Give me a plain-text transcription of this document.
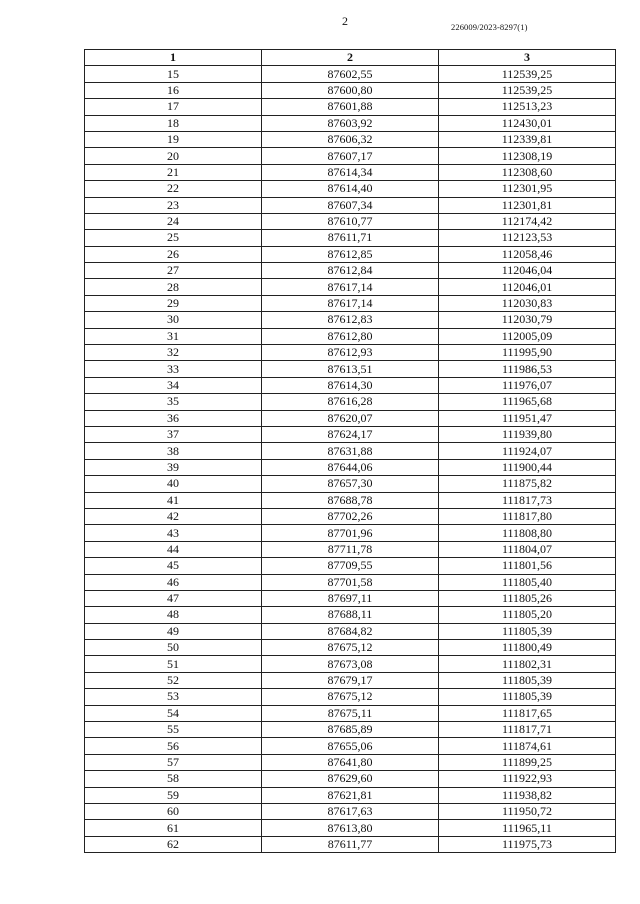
2	226009/2023-8297(1)
1	2	3
15	87602,55	112539,25
16	87600,80	112539,25
17	87601,88	112513,23
18	87603,92	112430,01
19	87606,32	112339,81
20	87607,17	112308,19
21	87614,34	112308,60
22	87614,40	112301,95
23	87607,34	112301,81
24	87610,77	112174,42
25	87611,71	112123,53
26	87612,85	112058,46
27	87612,84	112046,04
28	87617,14	112046,01
29	87617,14	112030,83
30	87612,83	112030,79
31	87612,80	112005,09
32	87612,93	111995,90
33	87613,51	111986,53
34	87614,30	111976,07
35	87616,28	111965,68
36	87620,07	111951,47
37	87624,17	111939,80
38	87631,88	111924,07
39	87644,06	111900,44
40	87657,30	111875,82
41	87688,78	111817,73
42	87702,26	111817,80
43	87701,96	111808,80
44	87711,78	111804,07
45	87709,55	111801,56
46	87701,58	111805,40
47	87697,11	111805,26
48	87688,11	111805,20
49	87684,82	111805,39
50	87675,12	111800,49
51	87673,08	111802,31
52	87679,17	111805,39
53	87675,12	111805,39
54	87675,11	111817,65
55	87685,89	111817,71
56	87655,06	111874,61
57	87641,80	111899,25
58	87629,60	111922,93
59	87621,81	111938,82
60	87617,63	111950,72
61	87613,80	111965,11
62	87611,77	111975,73
